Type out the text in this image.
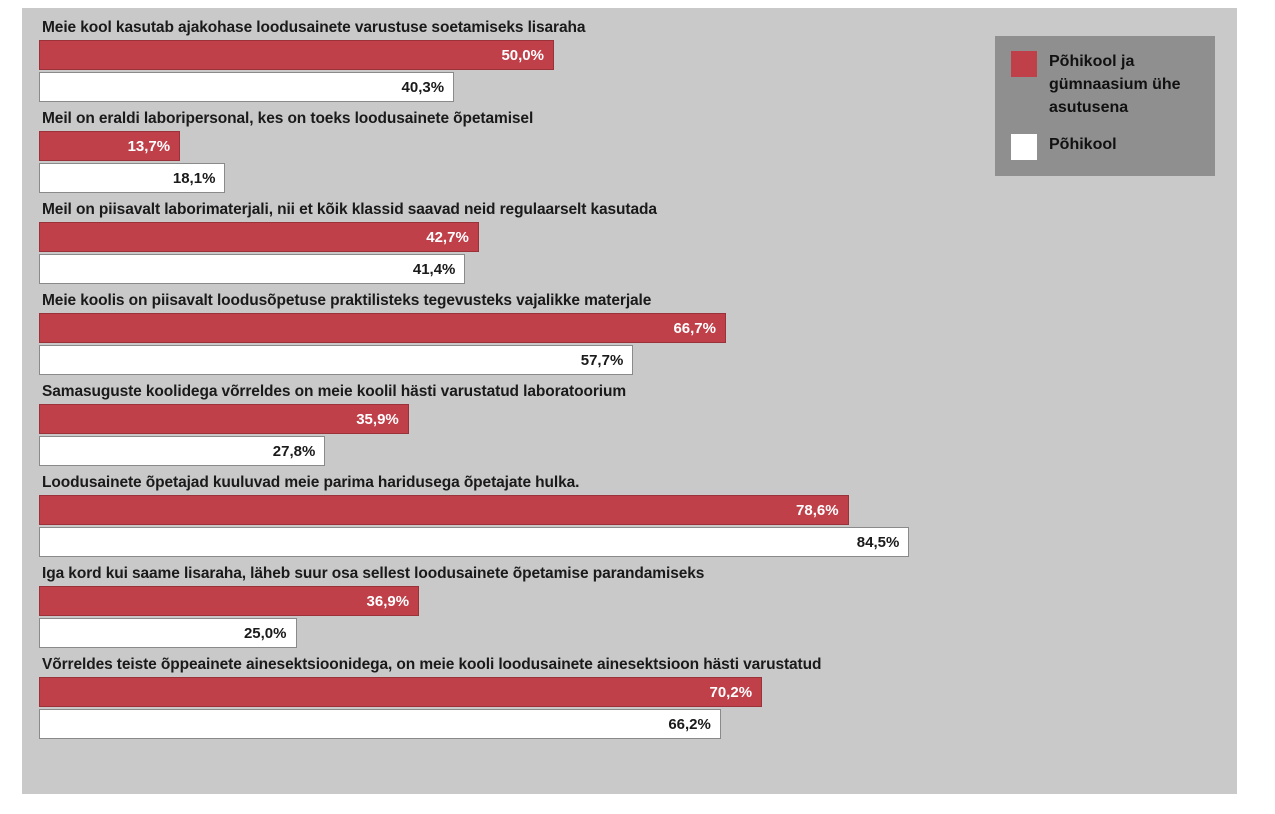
Meie kool kasutab ajakohase loodusainete varustuse soetamiseks lisaraha
50,0%
40,3%
Meil on eraldi laboripersonal, kes on toeks loodusainete õpetamisel
13,7%
18,1%
Meil on piisavalt laborimaterjali, nii et kõik klassid saavad neid regulaarselt kasutada
42,7%
41,4%
Meie koolis on piisavalt loodusõpetuse praktilisteks tegevusteks vajalikke materjale
66,7%
57,7%
Samasuguste koolidega võrreldes on meie koolil hästi varustatud laboratoorium
35,9%
27,8%
Loodusainete õpetajad kuuluvad meie parima haridusega õpetajate hulka.
78,6%
84,5%
Iga kord kui saame lisaraha, läheb suur osa sellest loodusainete õpetamise parandamiseks
36,9%
25,0%
Võrreldes teiste õppeainete ainesektsioonidega, on meie kooli loodusainete ainesektsioon hästi varustatud
70,2%
66,2%
Põhikool ja gümnaasium ühe asutusena
Põhikool
